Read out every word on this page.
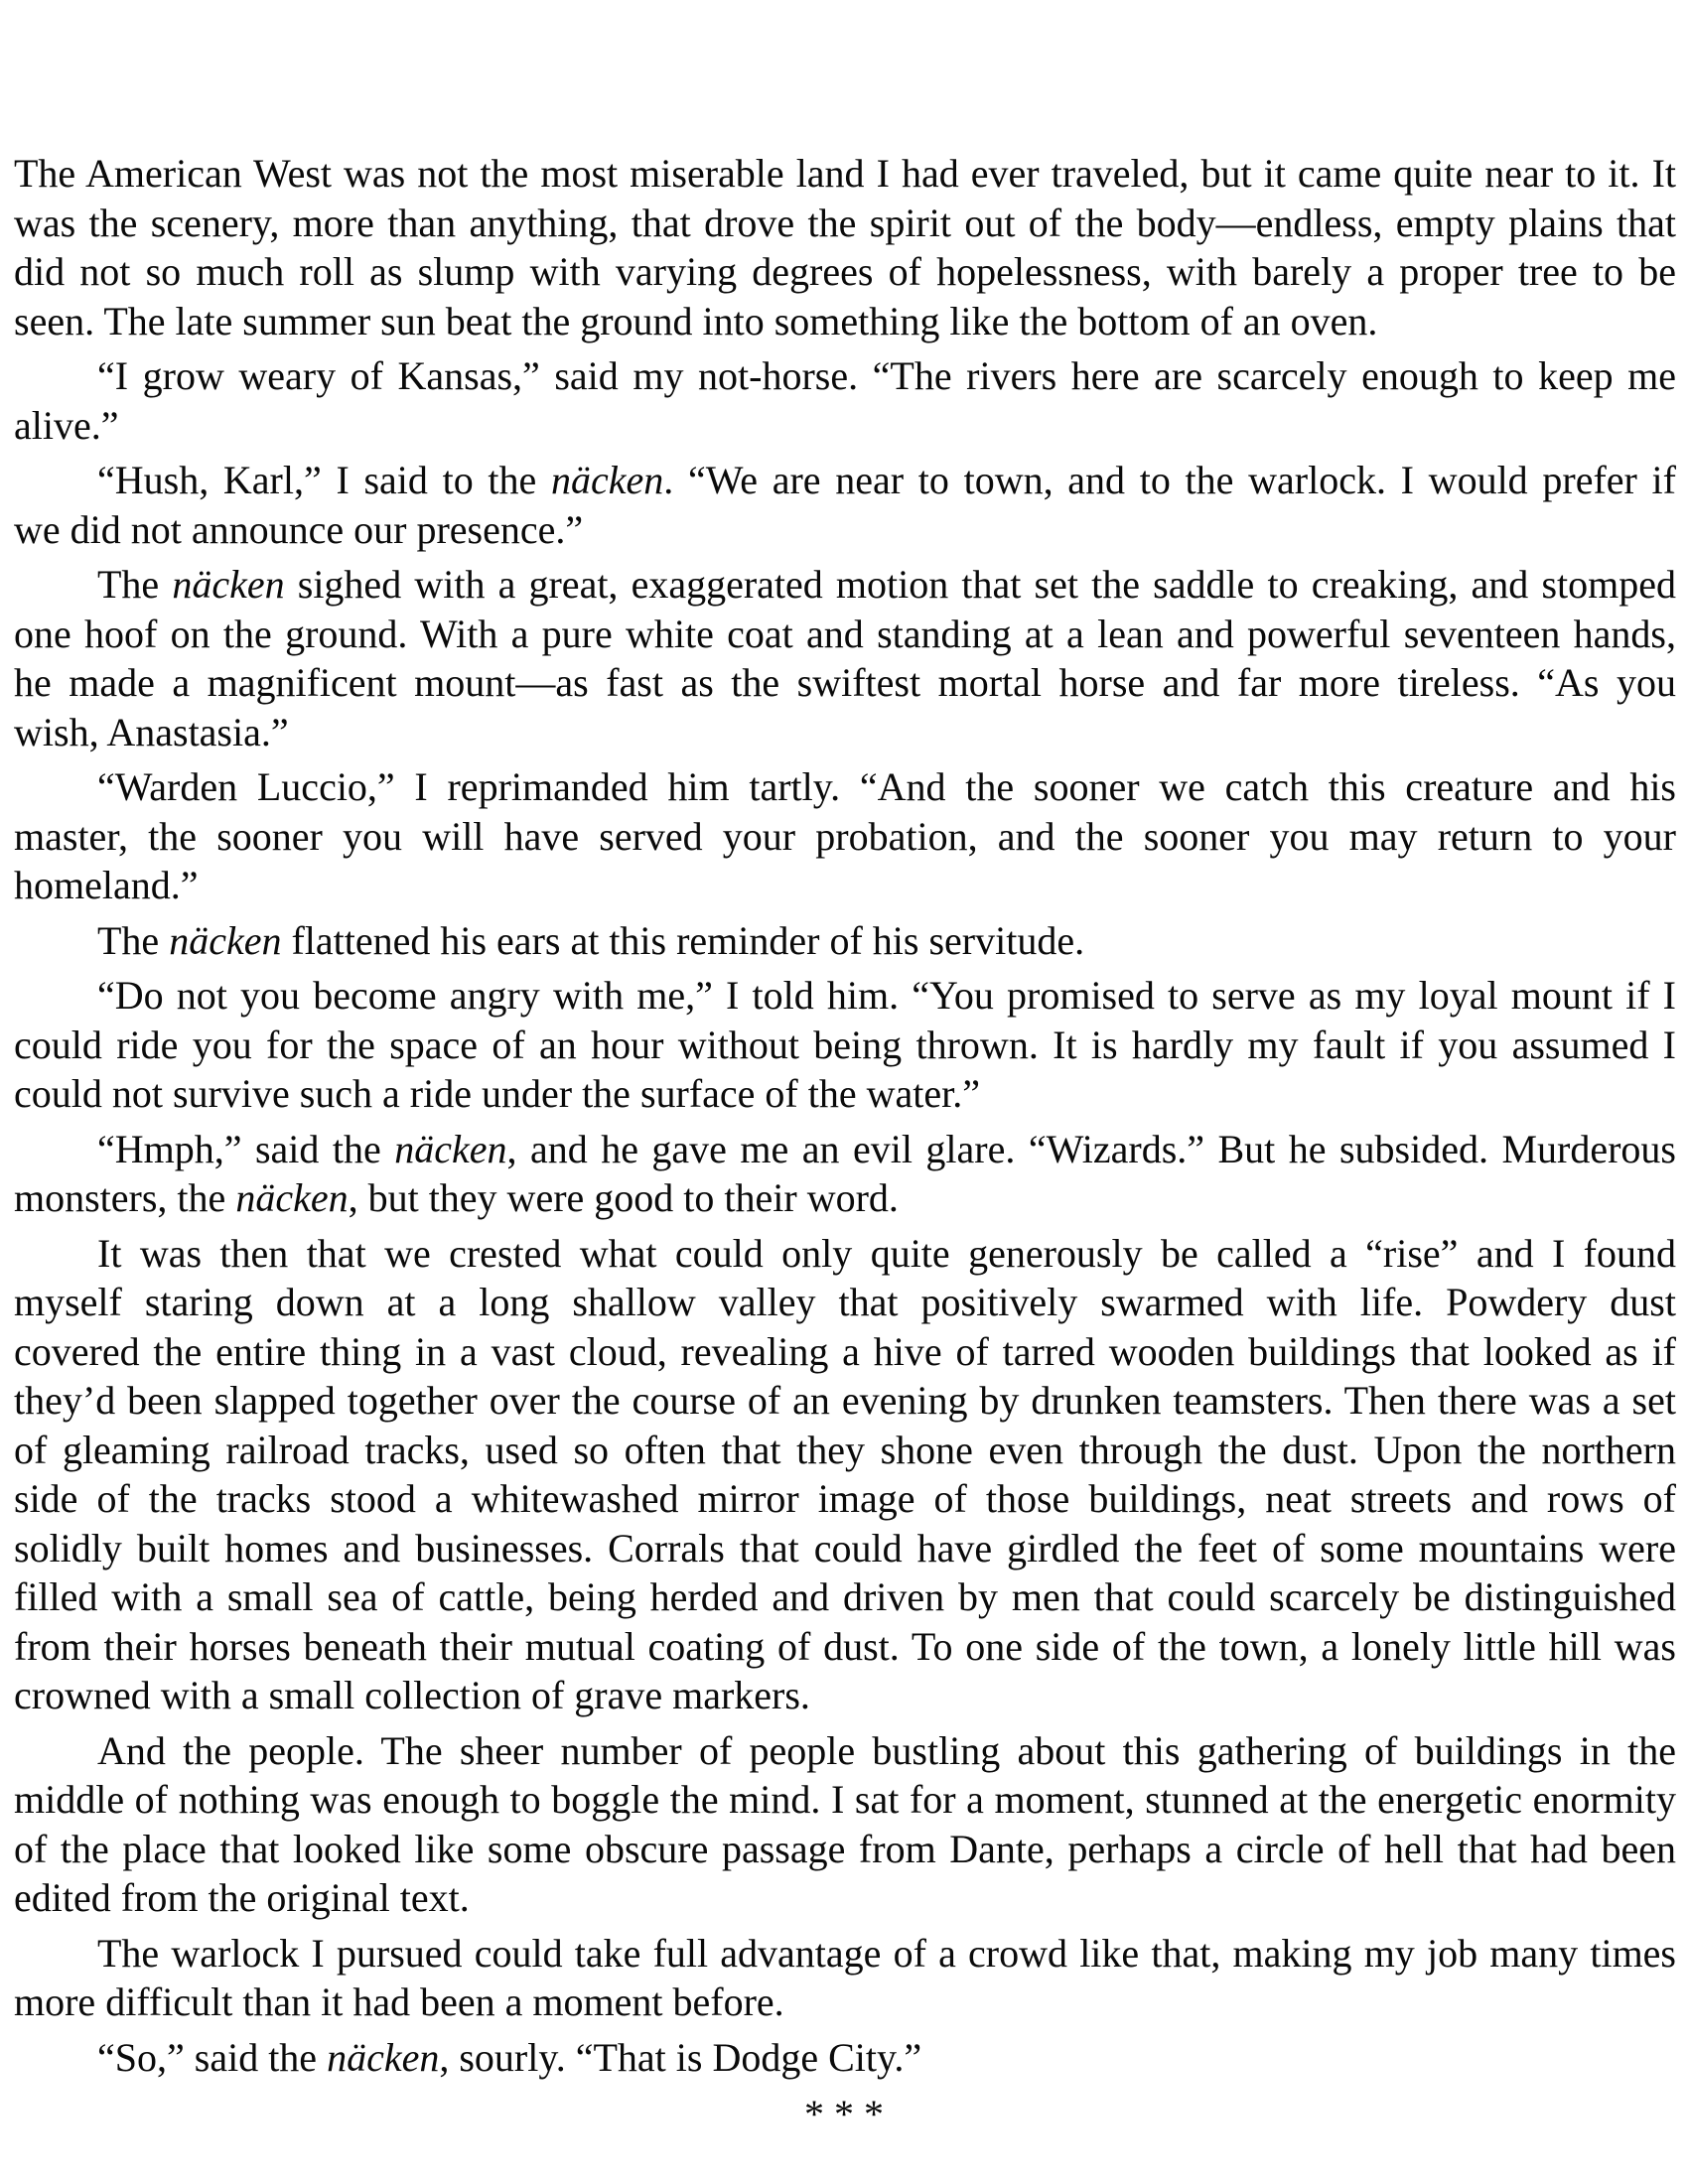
The American West was not the most miserable land I had ever traveled, but it came quite near to it. It
was the scenery, more than anything, that drove the spirit out of the body—endless, empty plains that
did not so much roll as slump with varying degrees of hopelessness, with barely a proper tree to be
seen. The late summer sun beat the ground into something like the bottom of an oven.
“I grow weary of Kansas,” said my not-horse. “The rivers here are scarcely enough to keep me
alive.”
“Hush, Karl,” I said to the näcken. “We are near to town, and to the warlock. I would prefer if
we did not announce our presence.”
The näcken sighed with a great, exaggerated motion that set the saddle to creaking, and stomped
one hoof on the ground. With a pure white coat and standing at a lean and powerful seventeen hands,
he made a magnificent mount—as fast as the swiftest mortal horse and far more tireless. “As you
wish, Anastasia.”
“Warden Luccio,” I reprimanded him tartly. “And the sooner we catch this creature and his
master, the sooner you will have served your probation, and the sooner you may return to your
homeland.”
The näcken flattened his ears at this reminder of his servitude.
“Do not you become angry with me,” I told him. “You promised to serve as my loyal mount if I
could ride you for the space of an hour without being thrown. It is hardly my fault if you assumed I
could not survive such a ride under the surface of the water.”
“Hmph,” said the näcken, and he gave me an evil glare. “Wizards.” But he subsided. Murderous
monsters, the näcken, but they were good to their word.
It was then that we crested what could only quite generously be called a “rise” and I found
myself staring down at a long shallow valley that positively swarmed with life. Powdery dust
covered the entire thing in a vast cloud, revealing a hive of tarred wooden buildings that looked as if
they’d been slapped together over the course of an evening by drunken teamsters. Then there was a set
of gleaming railroad tracks, used so often that they shone even through the dust. Upon the northern
side of the tracks stood a whitewashed mirror image of those buildings, neat streets and rows of
solidly built homes and businesses. Corrals that could have girdled the feet of some mountains were
filled with a small sea of cattle, being herded and driven by men that could scarcely be distinguished
from their horses beneath their mutual coating of dust. To one side of the town, a lonely little hill was
crowned with a small collection of grave markers.
And the people. The sheer number of people bustling about this gathering of buildings in the
middle of nothing was enough to boggle the mind. I sat for a moment, stunned at the energetic enormity
of the place that looked like some obscure passage from Dante, perhaps a circle of hell that had been
edited from the original text.
The warlock I pursued could take full advantage of a crowd like that, making my job many times
more difficult than it had been a moment before.
“So,” said the näcken, sourly. “That is Dodge City.”
* * *
